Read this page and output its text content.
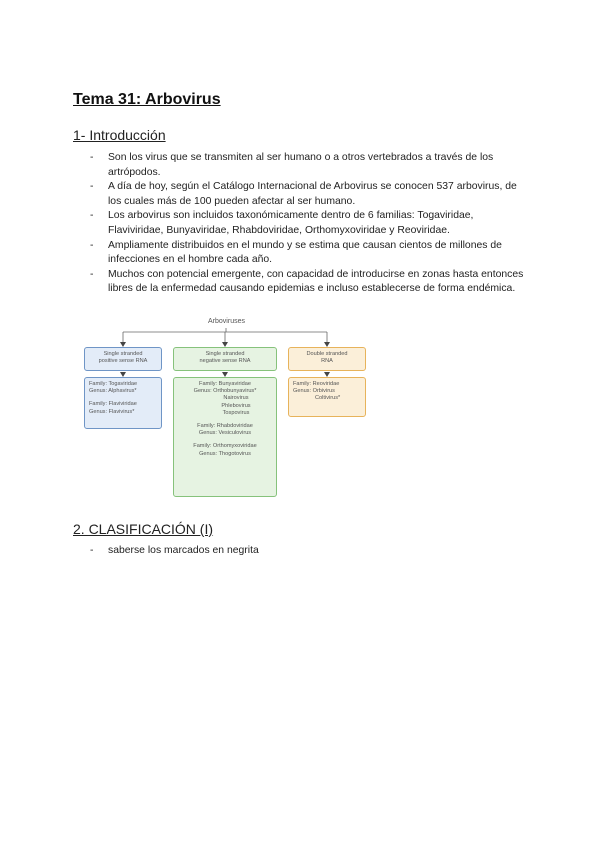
Tema 31: Arbovirus
1- Introducción
- Son los virus que se transmiten al ser humano o a otros vertebrados a través de los artrópodos.
- A día de hoy, según el Catálogo Internacional de Arbovirus se conocen 537 arbovirus, de los cuales más de 100 pueden afectar al ser humano.
- Los arbovirus son incluidos taxonómicamente dentro de 6 familias: Togaviridae, Flaviviridae, Bunyaviridae, Rhabdoviridae, Orthomyxoviridae y Reoviridae.
- Ampliamente distribuidos en el mundo y se estima que causan cientos de millones de infecciones en el hombre cada año.
- Muchos con potencial emergente, con capacidad de introducirse en zonas hasta entonces libres de la enfermedad causando epidemias e incluso establecerse de forma endémica.
Arboviruses
Single stranded
positive sense RNA
Family: Togaviridae
Genus: Alphavirus*
Family: Flaviviridae
Genus: Flavivirus*
Single stranded
negative sense RNA
Family: Bunyaviridae
Genus: Orthobunyavirus*
Nairovirus
Phlebovirus
Tospovirus
Family: Rhabdoviridae
Genus: Vesiculovirus
Family: Orthomyxoviridae
Genus: Thogotovirus
Double stranded
RNA
Family: Reoviridae
Genus: Orbivirus
Coltivirus*
2. CLASIFICACIÓN (I)
- saberse los marcados en negrita
